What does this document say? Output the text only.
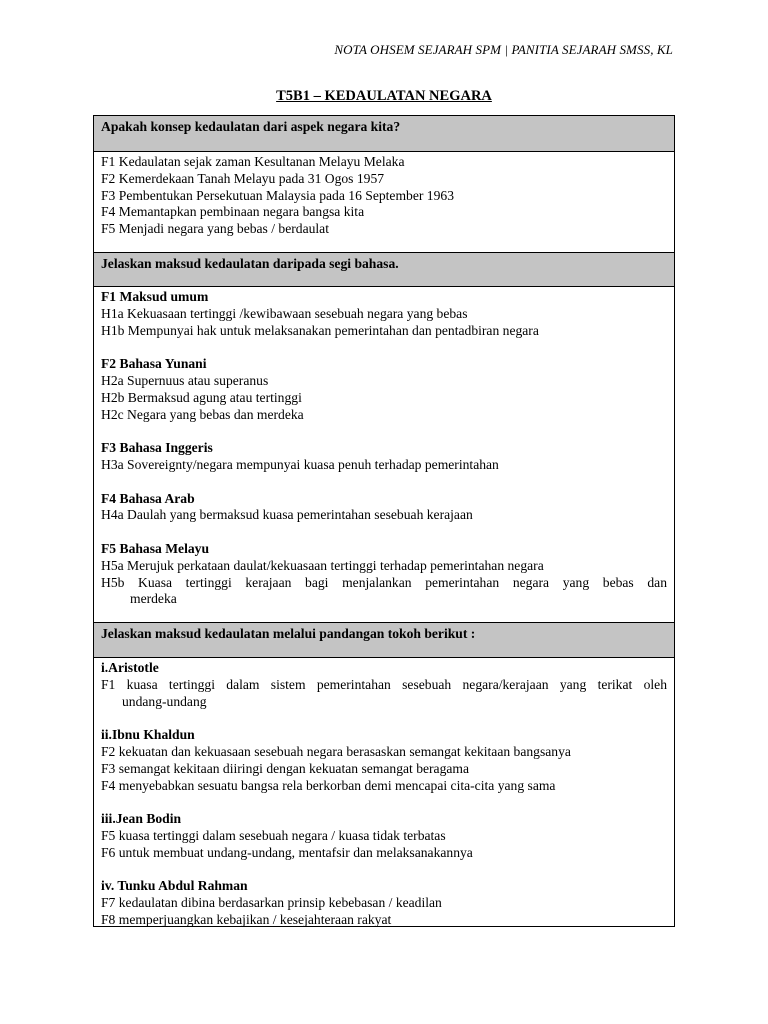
NOTA OHSEM SEJARAH SPM | PANITIA SEJARAH SMSS, KL
T5B1 – KEDAULATAN NEGARA
Apakah konsep kedaulatan dari aspek negara kita?
F1 Kedaulatan sejak zaman Kesultanan Melayu Melaka
F2 Kemerdekaan Tanah Melayu pada 31 Ogos 1957
F3 Pembentukan Persekutuan Malaysia pada 16 September 1963
F4 Memantapkan pembinaan negara bangsa kita
F5 Menjadi negara yang bebas / berdaulat
Jelaskan maksud kedaulatan daripada segi bahasa.
F1 Maksud umum
H1a Kekuasaan tertinggi /kewibawaan sesebuah negara yang bebas
H1b Mempunyai hak untuk melaksanakan pemerintahan dan pentadbiran negara
F2 Bahasa Yunani
H2a Supernuus atau superanus
H2b Bermaksud agung atau tertinggi
H2c Negara yang bebas dan merdeka
F3 Bahasa Inggeris
H3a Sovereignty/negara mempunyai kuasa penuh terhadap pemerintahan
F4 Bahasa Arab
H4a Daulah yang bermaksud kuasa pemerintahan sesebuah kerajaan
F5 Bahasa Melayu
H5a Merujuk perkataan daulat/kekuasaan tertinggi terhadap pemerintahan negara
H5b Kuasa tertinggi kerajaan bagi menjalankan pemerintahan negara yang bebas dan
merdeka
Jelaskan maksud kedaulatan melalui pandangan tokoh berikut :
i.Aristotle
F1 kuasa tertinggi dalam sistem pemerintahan sesebuah negara/kerajaan yang terikat oleh
undang-undang
ii.Ibnu Khaldun
F2 kekuatan dan kekuasaan sesebuah negara berasaskan semangat kekitaan bangsanya
F3 semangat kekitaan diiringi dengan kekuatan semangat beragama
F4 menyebabkan sesuatu bangsa rela berkorban demi mencapai cita-cita yang sama
iii.Jean Bodin
F5 kuasa tertinggi dalam sesebuah negara / kuasa tidak terbatas
F6 untuk membuat undang-undang, mentafsir dan melaksanakannya
iv. Tunku Abdul Rahman
F7 kedaulatan dibina berdasarkan prinsip kebebasan / keadilan
F8 memperjuangkan kebajikan / kesejahteraan rakyat
